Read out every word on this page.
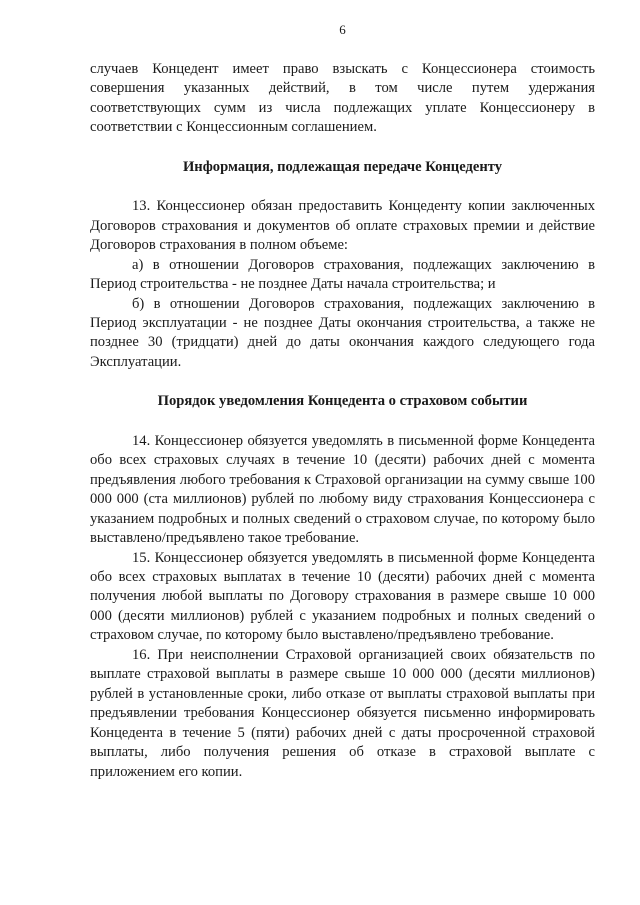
6

случаев Концедент имеет право взыскать с Концессионера стоимость совершения указанных действий, в том числе путем удержания соответствующих сумм из числа подлежащих уплате Концессионеру в соответствии с Концессионным соглашением.

Информация, подлежащая передаче Концеденту

13. Концессионер обязан предоставить Концеденту копии заключенных Договоров страхования и документов об оплате страховых премии и действие Договоров страхования в полном объеме:

а) в отношении Договоров страхования, подлежащих заключению в Период строительства - не позднее Даты начала строительства; и

б) в отношении Договоров страхования, подлежащих заключению в Период эксплуатации - не позднее Даты окончания строительства, а также не позднее 30 (тридцати) дней до даты окончания каждого следующего года Эксплуатации.

Порядок уведомления Концедента о страховом событии

14. Концессионер обязуется уведомлять в письменной форме Концедента обо всех страховых случаях в течение 10 (десяти) рабочих дней с момента предъявления любого требования к Страховой организации на сумму свыше 100 000 000 (ста миллионов) рублей по любому виду страхования Концессионера с указанием подробных и полных сведений о страховом случае, по которому было выставлено/предъявлено такое требование.

15. Концессионер обязуется уведомлять в письменной форме Концедента обо всех страховых выплатах в течение 10 (десяти) рабочих дней с момента получения любой выплаты по Договору страхования в размере свыше 10 000 000 (десяти миллионов) рублей с указанием подробных и полных сведений о страховом случае, по которому было выставлено/предъявлено требование.

16. При неисполнении Страховой организацией своих обязательств по выплате страховой выплаты в размере свыше 10 000 000 (десяти миллионов) рублей в установленные сроки, либо отказе от выплаты страховой выплаты при предъявлении требования Концессионер обязуется письменно информировать Концедента в течение 5 (пяти) рабочих дней с даты просроченной страховой выплаты, либо получения решения об отказе в страховой выплате с приложением его копии.
